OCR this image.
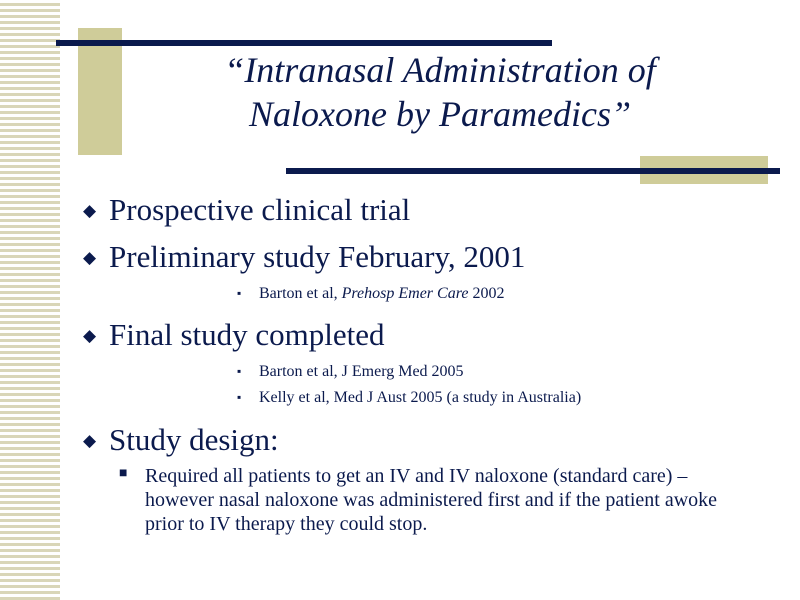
“Intranasal Administration of
Naloxone by Paramedics”
◆ Prospective clinical trial
◆ Preliminary study February, 2001
▪ Barton et al, Prehosp Emer Care 2002
◆ Final study completed
▪ Barton et al, J Emerg Med 2005
▪ Kelly et al, Med J Aust 2005 (a study in Australia)
◆ Study design:
■ Required all patients to get an IV and IV naloxone (standard care) – however nasal naloxone was administered first and if the patient awoke prior to IV therapy they could stop.
